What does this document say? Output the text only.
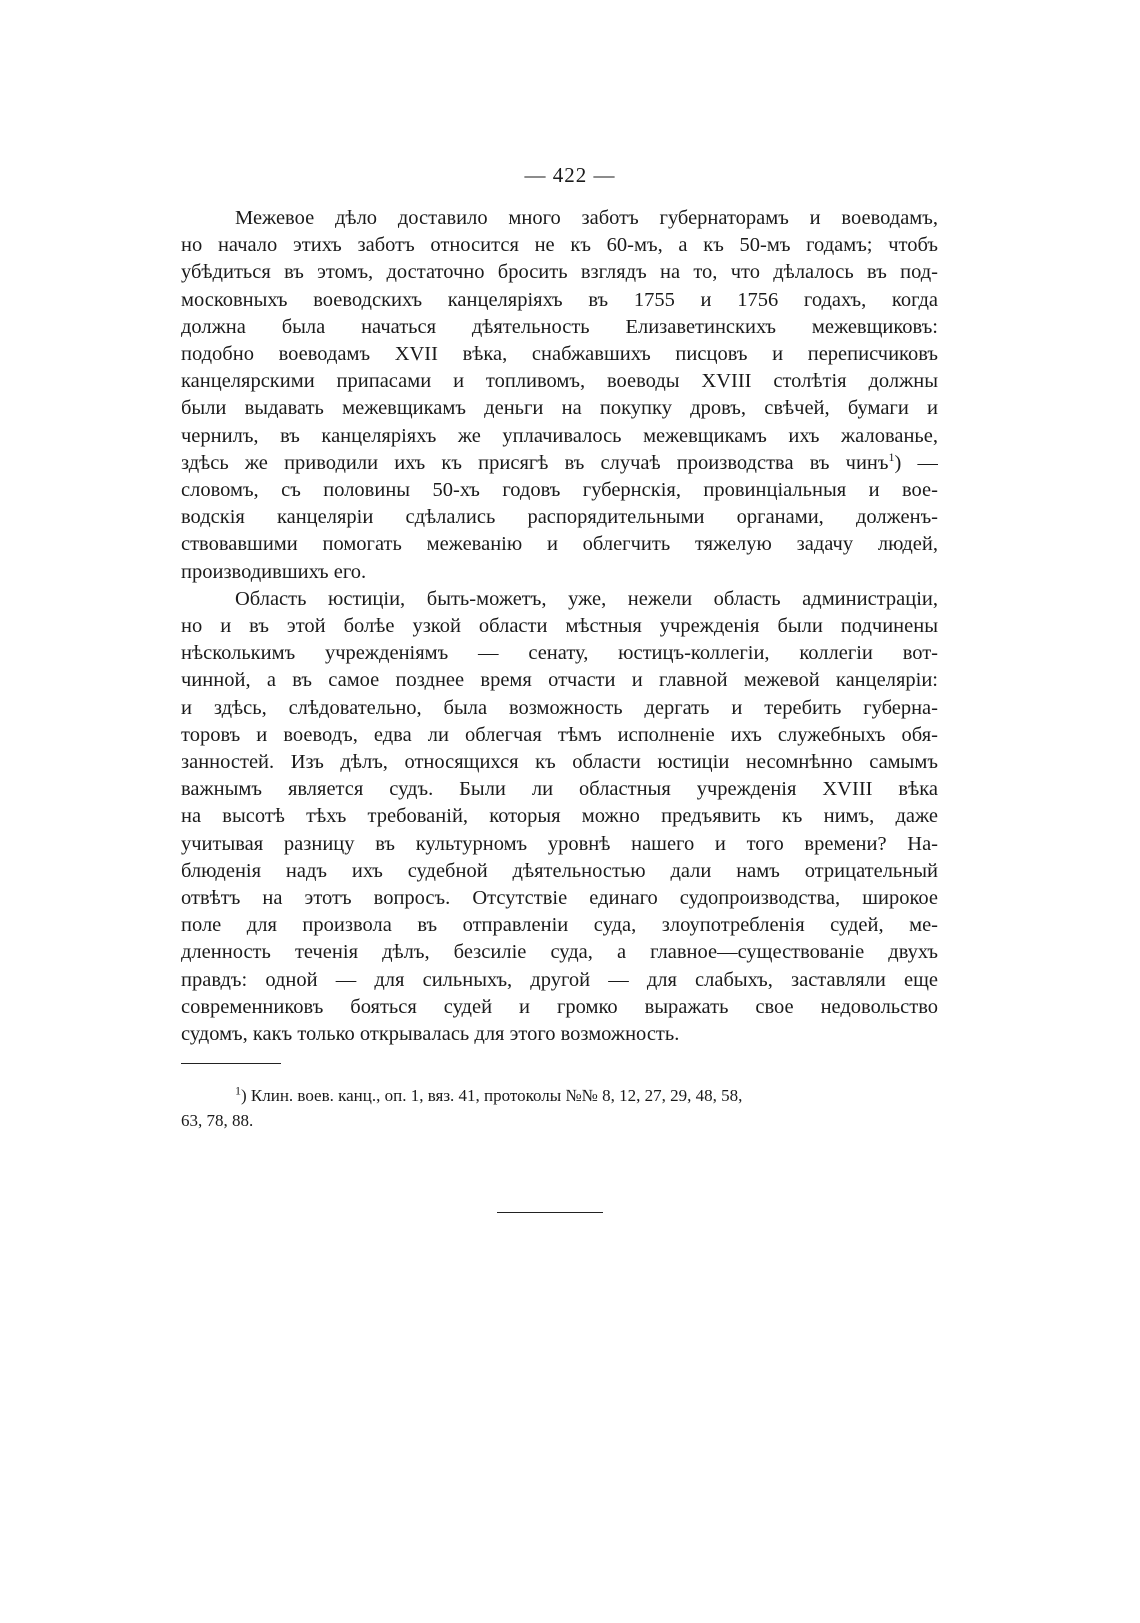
— 422 —
Межевое дѣло доставило много заботъ губернаторамъ и воеводамъ,
но начало этихъ заботъ относится не къ 60-мъ, а къ 50-мъ годамъ; чтобъ
убѣдиться въ этомъ, достаточно бросить взглядъ на то, что дѣлалось въ под-
московныхъ воеводскихъ канцеляріяхъ въ 1755 и 1756 годахъ, когда
должна была начаться дѣятельность Елизаветинскихъ межевщиковъ:
подобно воеводамъ XVII вѣка, снабжавшихъ писцовъ и переписчиковъ
канцелярскими припасами и топливомъ, воеводы XVIII столѣтія должны
были выдавать межевщикамъ деньги на покупку дровъ, свѣчей, бумаги и
чернилъ, въ канцеляріяхъ же уплачивалось межевщикамъ ихъ жалованье,
здѣсь же приводили ихъ къ присягѣ въ случаѣ производства въ чинъ$^1$) —
словомъ, съ половины 50-хъ годовъ губернскія, провинціальныя и вое-
водскія канцеляріи сдѣлались распорядительными органами, долженъ-
ствовавшими помогать межеванію и облегчить тяжелую задачу людей,
производившихъ его.
Область юстиціи, быть-можетъ, уже, нежели область администраціи,
но и въ этой болѣе узкой области мѣстныя учрежденія были подчинены
нѣсколькимъ учрежденіямъ — сенату, юстицъ-коллегіи, коллегіи вот-
чинной, а въ самое позднее время отчасти и главной межевой канцеляріи:
и здѣсь, слѣдовательно, была возможность дергать и теребить губерна-
торовъ и воеводъ, едва ли облегчая тѣмъ исполненіе ихъ служебныхъ обя-
занностей. Изъ дѣлъ, относящихся къ области юстиціи несомнѣнно самымъ
важнымъ является судъ. Были ли областныя учрежденія XVIII вѣка
на высотѣ тѣхъ требованій, которыя можно предъявить къ нимъ, даже
учитывая разницу въ культурномъ уровнѣ нашего и того времени? На-
блюденія надъ ихъ судебной дѣятельностью дали намъ отрицательный
отвѣтъ на этотъ вопросъ. Отсутствіе единаго судопроизводства, широкое
поле для произвола въ отправленіи суда, злоупотребленія судей, ме-
дленность теченія дѣлъ, безсиліе суда, а главное—существованіе двухъ
правдъ: одной — для сильныхъ, другой — для слабыхъ, заставляли еще
современниковъ бояться судей и громко выражать свое недовольство
судомъ, какъ только открывалась для этого возможность.
$^1$) Клин. воев. канц., оп. 1, вяз. 41, протоколы №№ 8, 12, 27, 29, 48, 58,
63, 78, 88.
